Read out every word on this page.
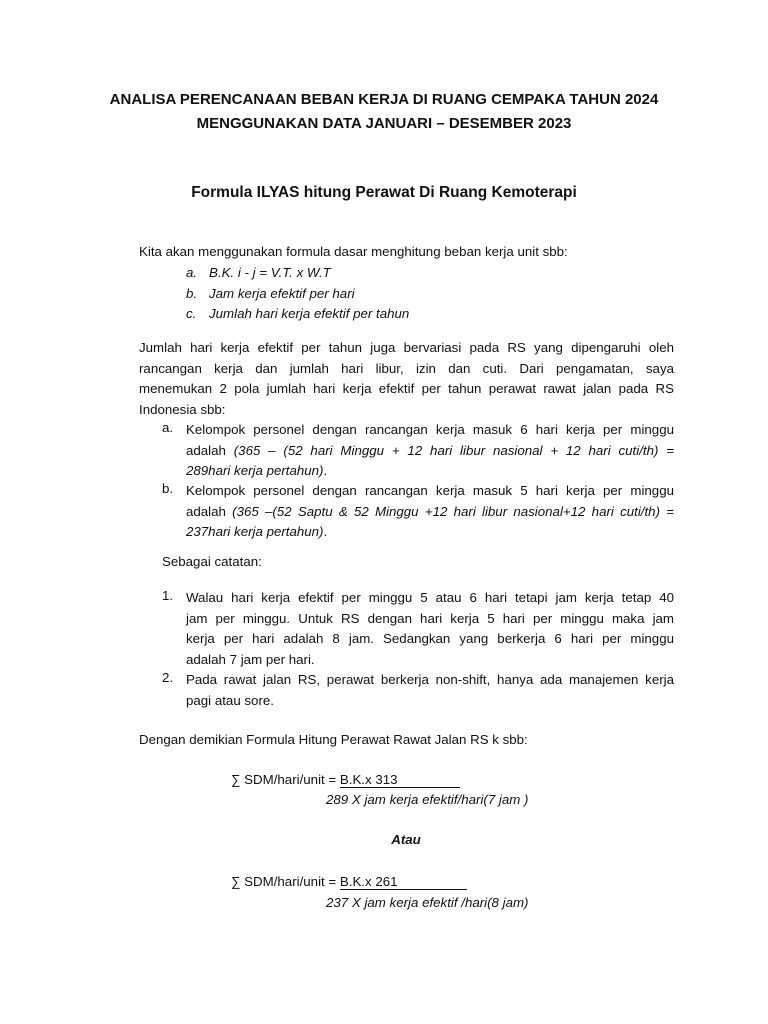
ANALISA PERENCANAAN BEBAN KERJA DI RUANG CEMPAKA TAHUN 2024
MENGGUNAKAN DATA JANUARI – DESEMBER 2023
Formula ILYAS hitung Perawat Di Ruang Kemoterapi
Kita akan menggunakan formula dasar menghitung beban kerja unit sbb:
a. B.K. i - j = V.T. x W.T
b. Jam kerja efektif per hari
c. Jumlah hari kerja efektif per tahun
Jumlah hari kerja efektif per tahun juga bervariasi pada RS yang dipengaruhi oleh
rancangan kerja dan jumlah hari libur, izin dan cuti. Dari pengamatan, saya
menemukan 2 pola jumlah hari kerja efektif per tahun perawat rawat jalan pada RS
Indonesia sbb:
a. Kelompok personel dengan rancangan kerja masuk 6 hari kerja per minggu
adalah (365 – (52 hari Minggu + 12 hari libur nasional + 12 hari cuti/th) =
289hari kerja pertahun).
b. Kelompok personel dengan rancangan kerja masuk 5 hari kerja per minggu
adalah (365 –(52 Saptu & 52 Minggu +12 hari libur nasional+12 hari cuti/th) =
237hari kerja pertahun).
Sebagai catatan:
1. Walau hari kerja efektif per minggu 5 atau 6 hari tetapi jam kerja tetap 40
jam per minggu. Untuk RS dengan hari kerja 5 hari per minggu maka jam
kerja per hari adalah 8 jam. Sedangkan yang berkerja 6 hari per minggu
adalah 7 jam per hari.
2. Pada rawat jalan RS, perawat berkerja non-shift, hanya ada manajemen kerja
pagi atau sore.
Dengan demikian Formula Hitung Perawat Rawat Jalan RS k sbb:
∑ SDM/hari/unit = B.K.x 313
289 X jam kerja efektif/hari(7 jam )
Atau
∑ SDM/hari/unit = B.K.x 261
237 X jam kerja efektif /hari(8 jam)
